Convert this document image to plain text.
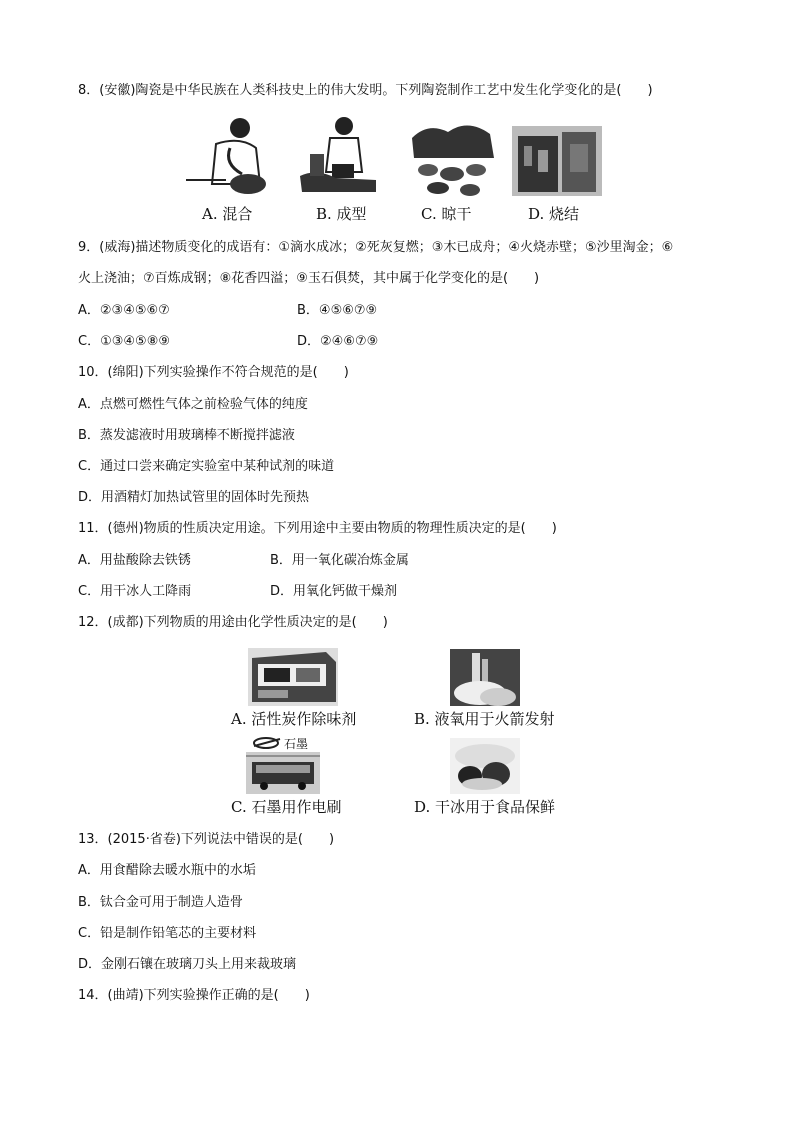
8．(安徽)陶瓷是中华民族在人类科技史上的伟大发明。下列陶瓷制作工艺中发生化学变化的是(　　)
A. 混合	B. 成型	C. 晾干	D. 烧结
9．(威海)描述物质变化的成语有：①滴水成冰；②死灰复燃；③木已成舟；④火烧赤壁；⑤沙里淘金；⑥
火上浇油；⑦百炼成钢；⑧花香四溢；⑨玉石俱焚，其中属于化学变化的是(　　)
A．②③④⑤⑥⑦	B．④⑤⑥⑦⑨
C．①③④⑤⑧⑨	D．②④⑥⑦⑨
10．(绵阳)下列实验操作不符合规范的是(　　)
A．点燃可燃性气体之前检验气体的纯度
B．蒸发滤液时用玻璃棒不断搅拌滤液
C．通过口尝来确定实验室中某种试剂的味道
D．用酒精灯加热试管里的固体时先预热
11．(德州)物质的性质决定用途。下列用途中主要由物质的物理性质决定的是(　　)
A．用盐酸除去铁锈	B．用一氧化碳冶炼金属
C．用干冰人工降雨	D．用氧化钙做干燥剂
12．(成都)下列物质的用途由化学性质决定的是(　　)
A. 活性炭作除味剂	B. 液氧用于火箭发射
石墨
C. 石墨用作电刷	D. 干冰用于食品保鲜
13．(2015·省卷)下列说法中错误的是(　　)
A．用食醋除去暖水瓶中的水垢
B．钛合金可用于制造人造骨
C．铅是制作铅笔芯的主要材料
D．金刚石镶在玻璃刀头上用来裁玻璃
14．(曲靖)下列实验操作正确的是(　　)
